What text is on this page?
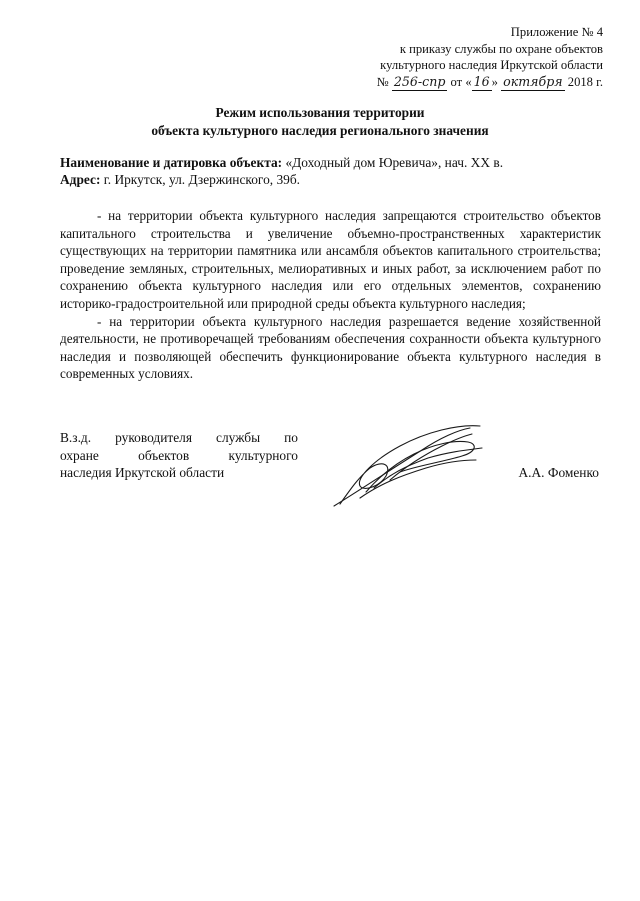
Приложение № 4
к приказу службы по охране объектов
культурного наследия Иркутской области
№ 256-спр от « 16 » октября 2018 г.
Режим использования территории
объекта культурного наследия регионального значения
Наименование и датировка объекта: «Доходный дом Юревича», нач. XX в.
Адрес: г. Иркутск, ул. Дзержинского, 39б.

- на территории объекта культурного наследия запрещаются строительство объектов капитального строительства и увеличение объемно-пространственных характеристик существующих на территории памятника или ансамбля объектов капитального строительства; проведение земляных, строительных, мелиоративных и иных работ, за исключением работ по сохранению объекта культурного наследия или его отдельных элементов, сохранению историко-градостроительной или природной среды объекта культурного наследия;

- на территории объекта культурного наследия разрешается ведение хозяйственной деятельности, не противоречащей требованиям обеспечения сохранности объекта культурного наследия и позволяющей обеспечить функционирование объекта культурного наследия в современных условиях.

В.з.д. руководителя службы по
охране объектов культурного
наследия Иркутской области	А.А. Фоменко
